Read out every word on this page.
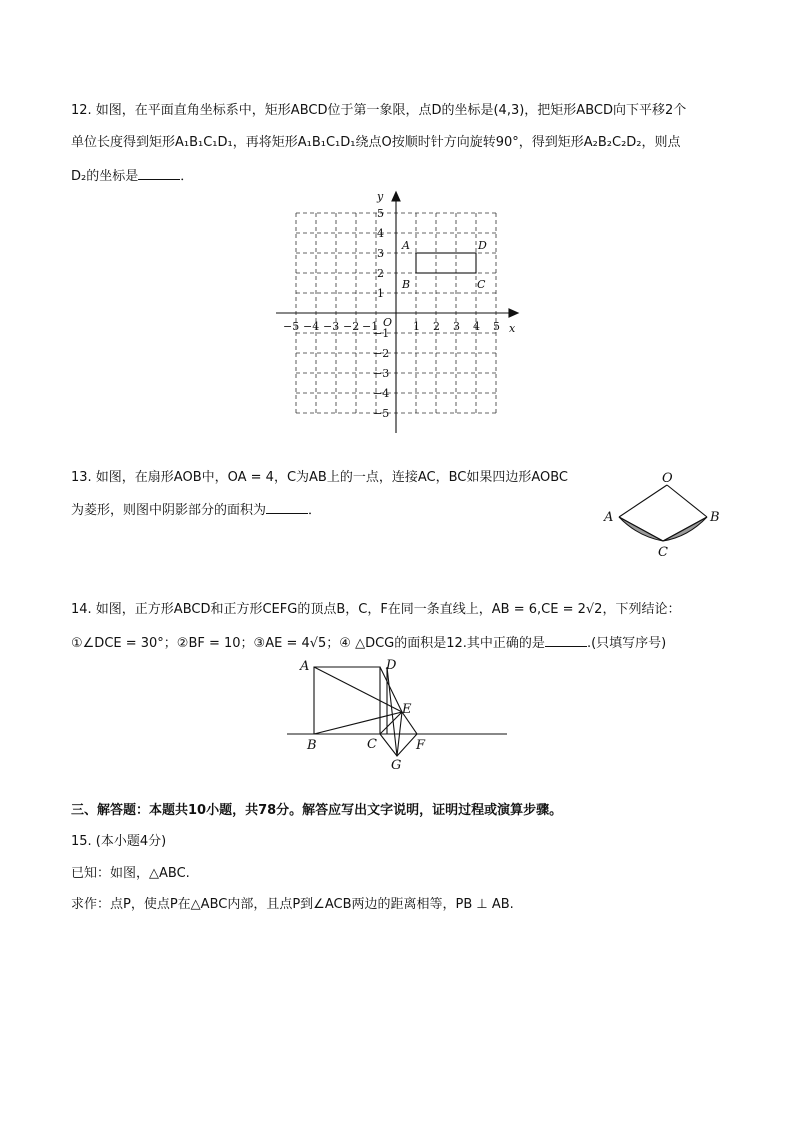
12. 如图，在平面直角坐标系中，矩形ABCD位于第一象限，点D的坐标是(4,3)，把矩形ABCD向下平移2个
单位长度得到矩形A₁B₁C₁D₁，再将矩形A₁B₁C₁D₁绕点O按顺时针方向旋转90°，得到矩形A₂B₂C₂D₂，则点
D₂的坐标是	．
x
y
O
−5 −4 −3 −2 −1	1 2 3 4 5
5
4
3
2
1
−1
−2
−3
−4
−5
A
B	C
D
13. 如图，在扇形AOB中，OA = 4，C为AB上的一点，连接AC，BC如果四边形AOBC
为菱形，则图中阴影部分的面积为	．
O
A	B
C
14. 如图，正方形ABCD和正方形CEFG的顶点B，C，F在同一条直线上，AB = 6,CE = 2√2，下列结论：
①∠DCE = 30°；②BF = 10；③AE = 4√5；④ △DCG的面积是12.其中正确的是	.(只填写序号)
A	D
E
B	C	F
G
三、解答题：本题共10小题，共78分。解答应写出文字说明，证明过程或演算步骤。
15. (本小题4分)
已知：如图，△ABC.
求作：点P，使点P在△ABC内部，且点P到∠ACB两边的距离相等，PB ⊥ AB.
